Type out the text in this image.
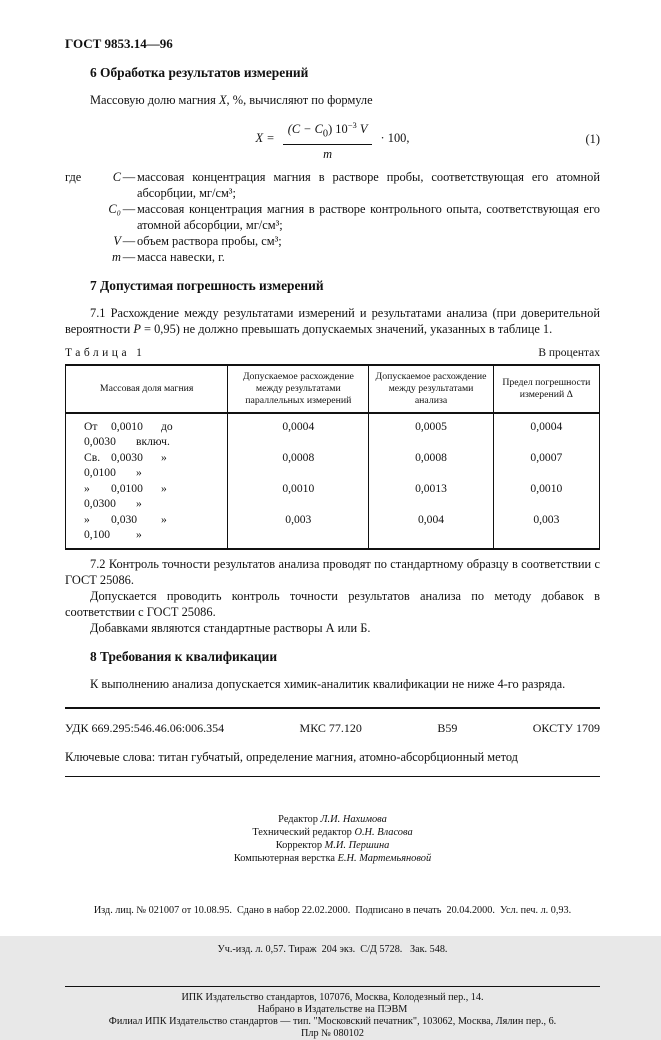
ГОСТ 9853.14—96
6 Обработка результатов измерений

Массовую долю магния X, %, вычисляют по формуле

$X = \frac{(C - C_0) 10^{-3} V}{m} \cdot 100$,	(1)
где	C — массовая концентрация магния в растворе пробы, соответствующая его атомной абсорбции, мг/см³;
C₀ — массовая концентрация магния в растворе контрольного опыта, соответствующая его атомной абсорбции, мг/см³;
V — объем раствора пробы, см³;
m — масса навески, г.
7 Допустимая погрешность измерений

7.1 Расхождение между результатами измерений и результатами анализа (при доверительной вероятности P = 0,95) не должно превышать допускаемых значений, указанных в таблице 1.

Таблица 1	В процентах
Массовая доля магния	Допускаемое расхождение между результатами параллельных измерений	Допускаемое расхождение между результатами анализа	Предел погрешности измерений Δ
От 0,0010 до0,0030 включ.	0,0004	0,0005	0,0004
Св. 0,0030 »0,0100 »	0,0008	0,0008	0,0007
» 0,0100 »0,0300 »	0,0010	0,0013	0,0010
» 0,030 »0,100 »	0,003	0,004	0,003

7.2 Контроль точности результатов анализа проводят по стандартному образцу в соответствии с ГОСТ 25086.

Допускается проводить контроль точности результатов анализа по методу добавок в соответствии с ГОСТ 25086.

Добавками являются стандартные растворы А или Б.

8 Требования к квалификации

К выполнению анализа допускается химик-аналитик квалификации не ниже 4-го разряда.

УДК 669.295:546.46.06:006.354	МКС 77.120	В59	ОКСТУ 1709

Ключевые слова: титан губчатый, определение магния, атомно-абсорбционный метод

Редактор Л.И. Нахимова
Технический редактор О.Н. Власова
Корректор М.И. Першина
Компьютерная верстка Е.Н. Мартемьяновой

Изд. лиц. № 021007 от 10.08.95.  Сдано в набор 22.02.2000.  Подписано в печать  20.04.2000.  Усл. печ. л. 0,93.

Уч.-изд. л. 0,57. Тираж  204 экз.  С/Д 5728.   Зак. 548.

ИПК Издательство стандартов, 107076, Москва, Колодезный пер., 14.
Набрано в Издательстве на ПЭВМ
Филиал ИПК Издательство стандартов — тип. "Московский печатник", 103062, Москва, Лялин пер., 6.
Плр № 080102
